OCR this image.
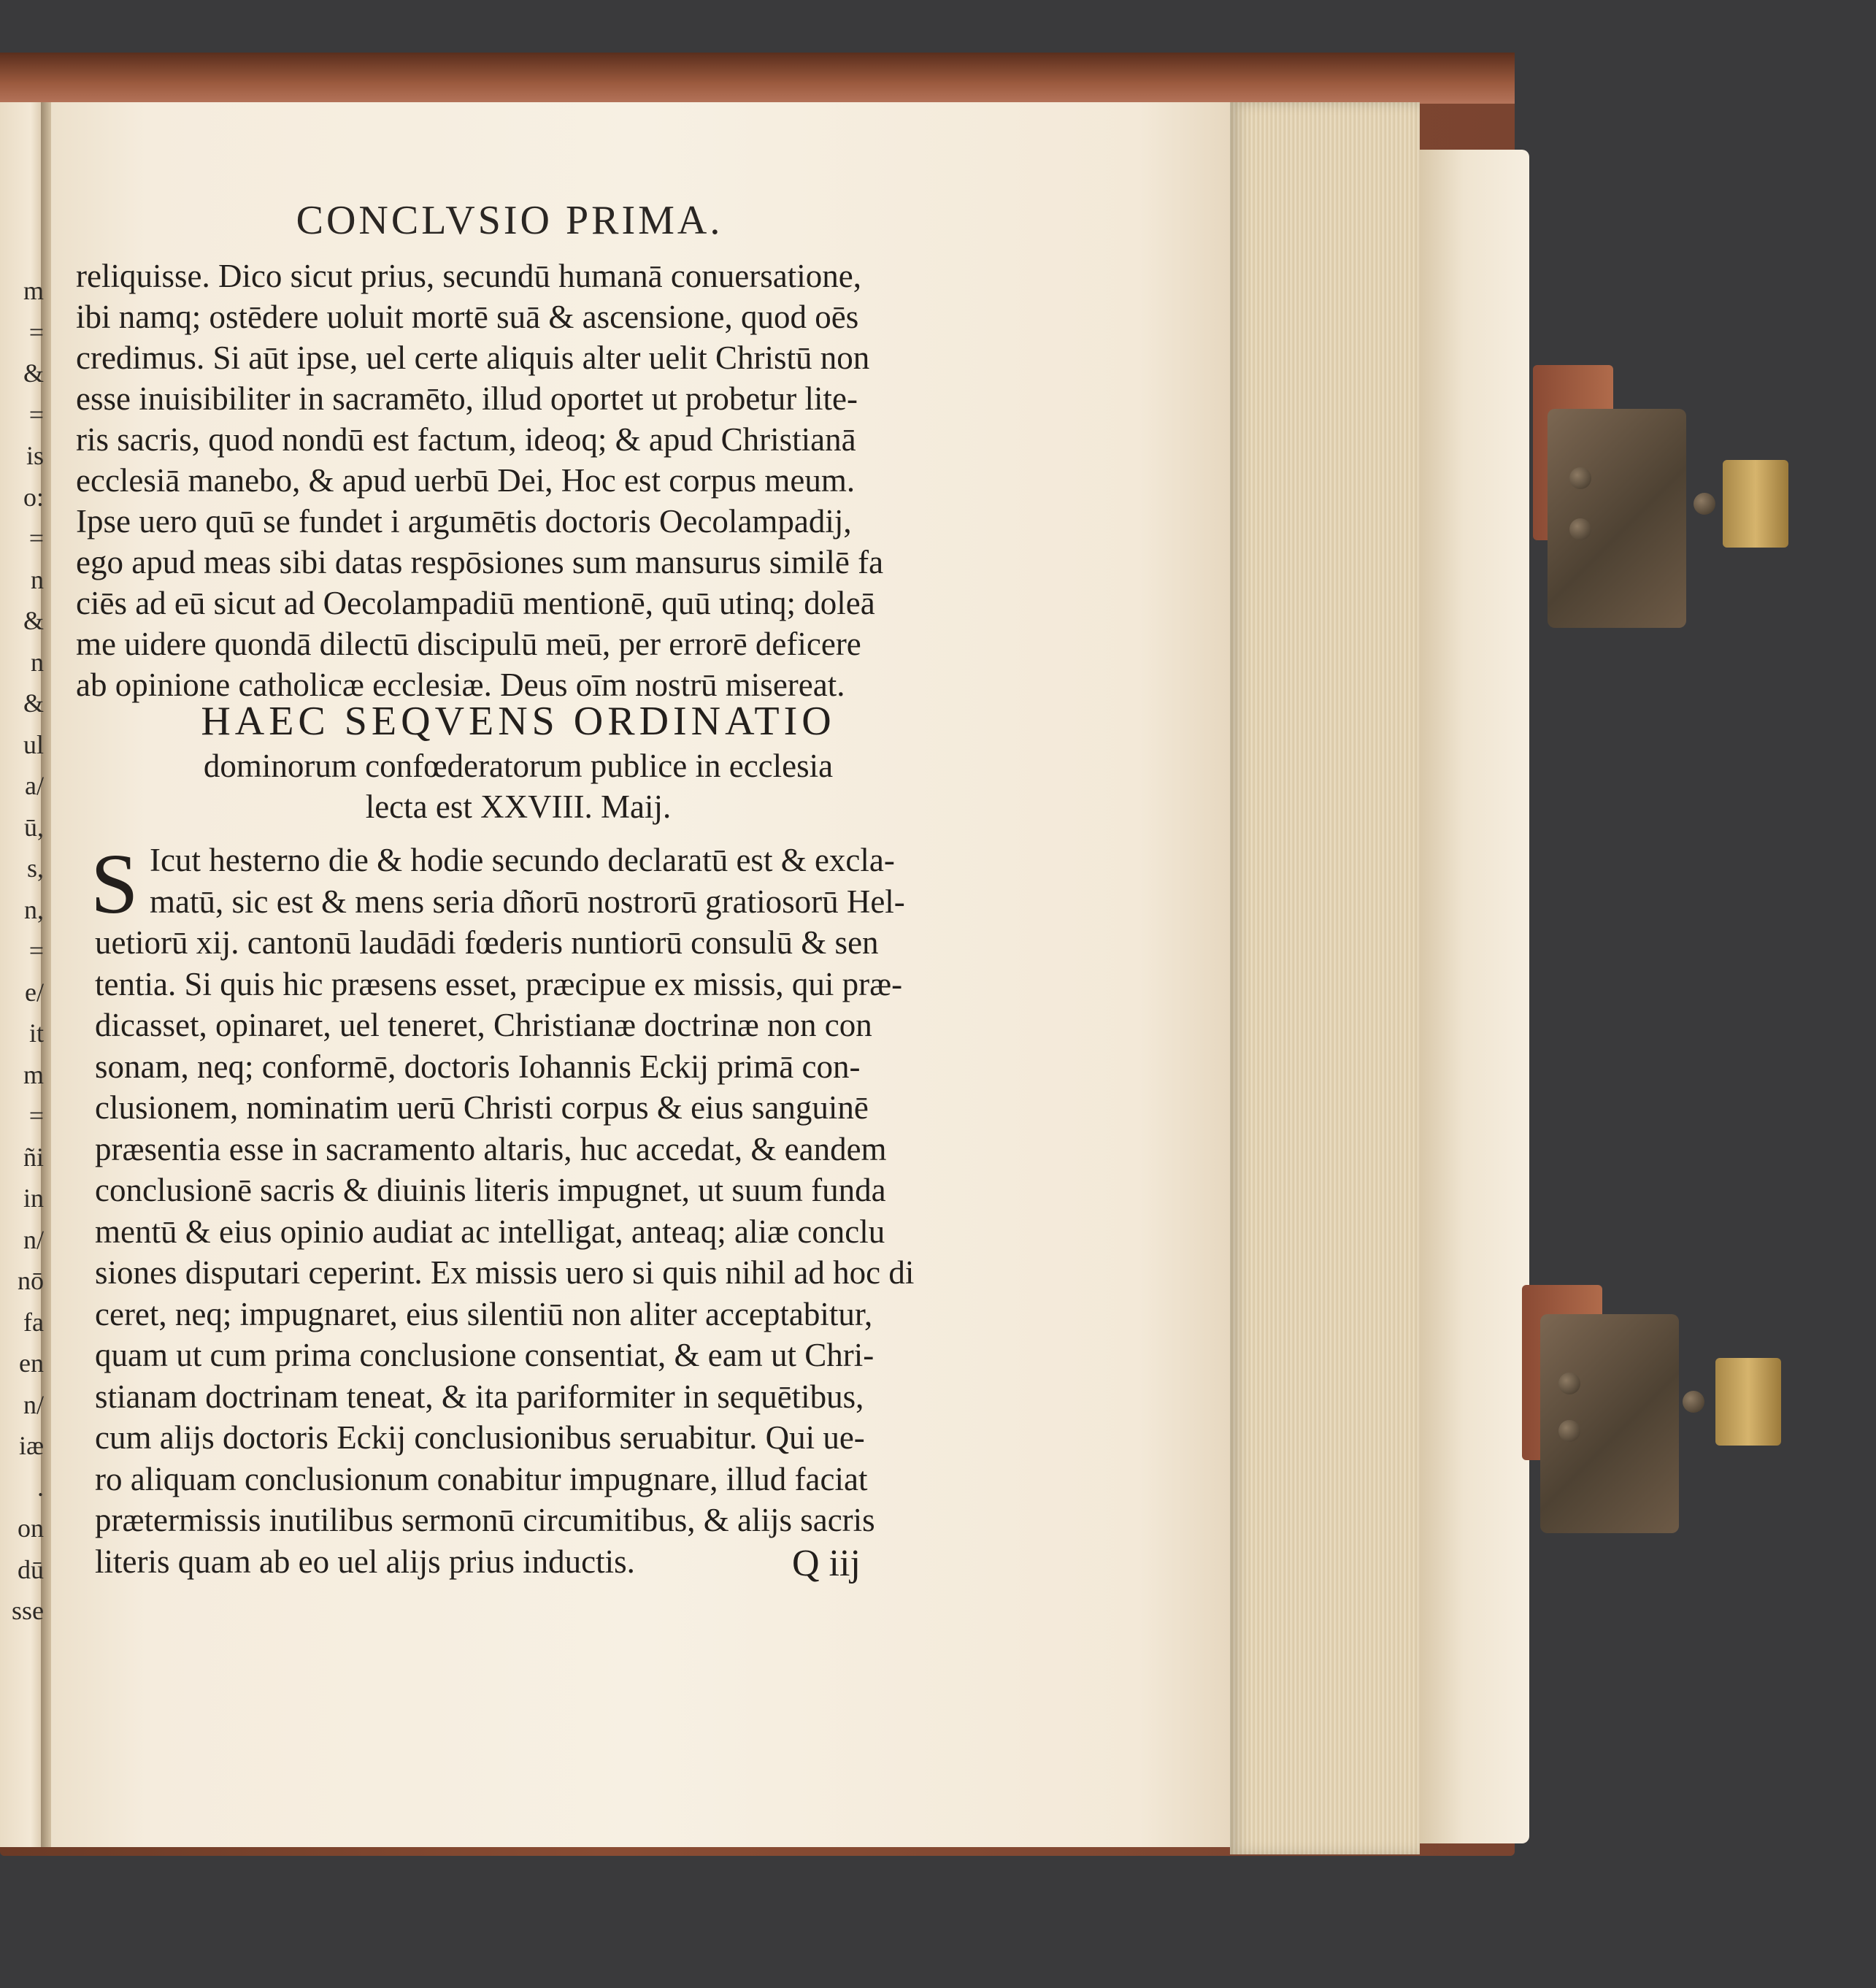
m
=
&
=
is
o:
=
n
&
n
&
ul
a/
ū,
s,
n,
=
e/
it
m
=
ñi
in
n/
nō
fa
en
n/
iæ
.
on
dū
sse
CONCLVSIO PRIMA.
reliquisse. Dico sicut prius, secundū humanā conuersatione,
ibi namq; ostēdere uoluit mortē suā & ascensione, quod oēs
credimus. Si aūt ipse, uel certe aliquis alter uelit Christū non
esse inuisibiliter in sacramēto, illud oportet ut probetur lite-
ris sacris, quod nondū est factum, ideoq; & apud Christianā
ecclesiā manebo, & apud uerbū Dei, Hoc est corpus meum.
Ipse uero quū se fundet i argumētis doctoris Oecolampadij,
ego apud meas sibi datas respōsiones sum mansurus similē fa
ciēs ad eū sicut ad Oecolampadiū mentionē, quū utinq; doleā
me uidere quondā dilectū discipulū meū, per errorē deficere
ab opinione catholicæ ecclesiæ. Deus oīm nostrū misereat.
HAEC SEQVENS ORDINATIO
dominorum confœderatorum publice in ecclesia
lecta est XXVIII. Maij.
S Icut hesterno die & hodie secundo declaratū est & excla-
matū, sic est & mens seria dñorū nostrorū gratiosorū Hel-
uetiorū xij. cantonū laudādi fœderis nuntiorū consulū & sen
tentia. Si quis hic præsens esset, præcipue ex missis, qui præ-
dicasset, opinaret, uel teneret, Christianæ doctrinæ non con
sonam, neq; conformē, doctoris Iohannis Eckij primā con-
clusionem, nominatim uerū Christi corpus & eius sanguinē
præsentia esse in sacramento altaris, huc accedat, & eandem
conclusionē sacris & diuinis literis impugnet, ut suum funda
mentū & eius opinio audiat ac intelligat, anteaq; aliæ conclu
siones disputari ceperint. Ex missis uero si quis nihil ad hoc di
ceret, neq; impugnaret, eius silentiū non aliter acceptabitur,
quam ut cum prima conclusione consentiat, & eam ut Chri-
stianam doctrinam teneat, & ita pariformiter in sequētibus,
cum alijs doctoris Eckij conclusionibus seruabitur. Qui ue-
ro aliquam conclusionum conabitur impugnare, illud faciat
prætermissis inutilibus sermonū circumitibus, & alijs sacris
literis quam ab eo uel alijs prius inductis.	Q iij
